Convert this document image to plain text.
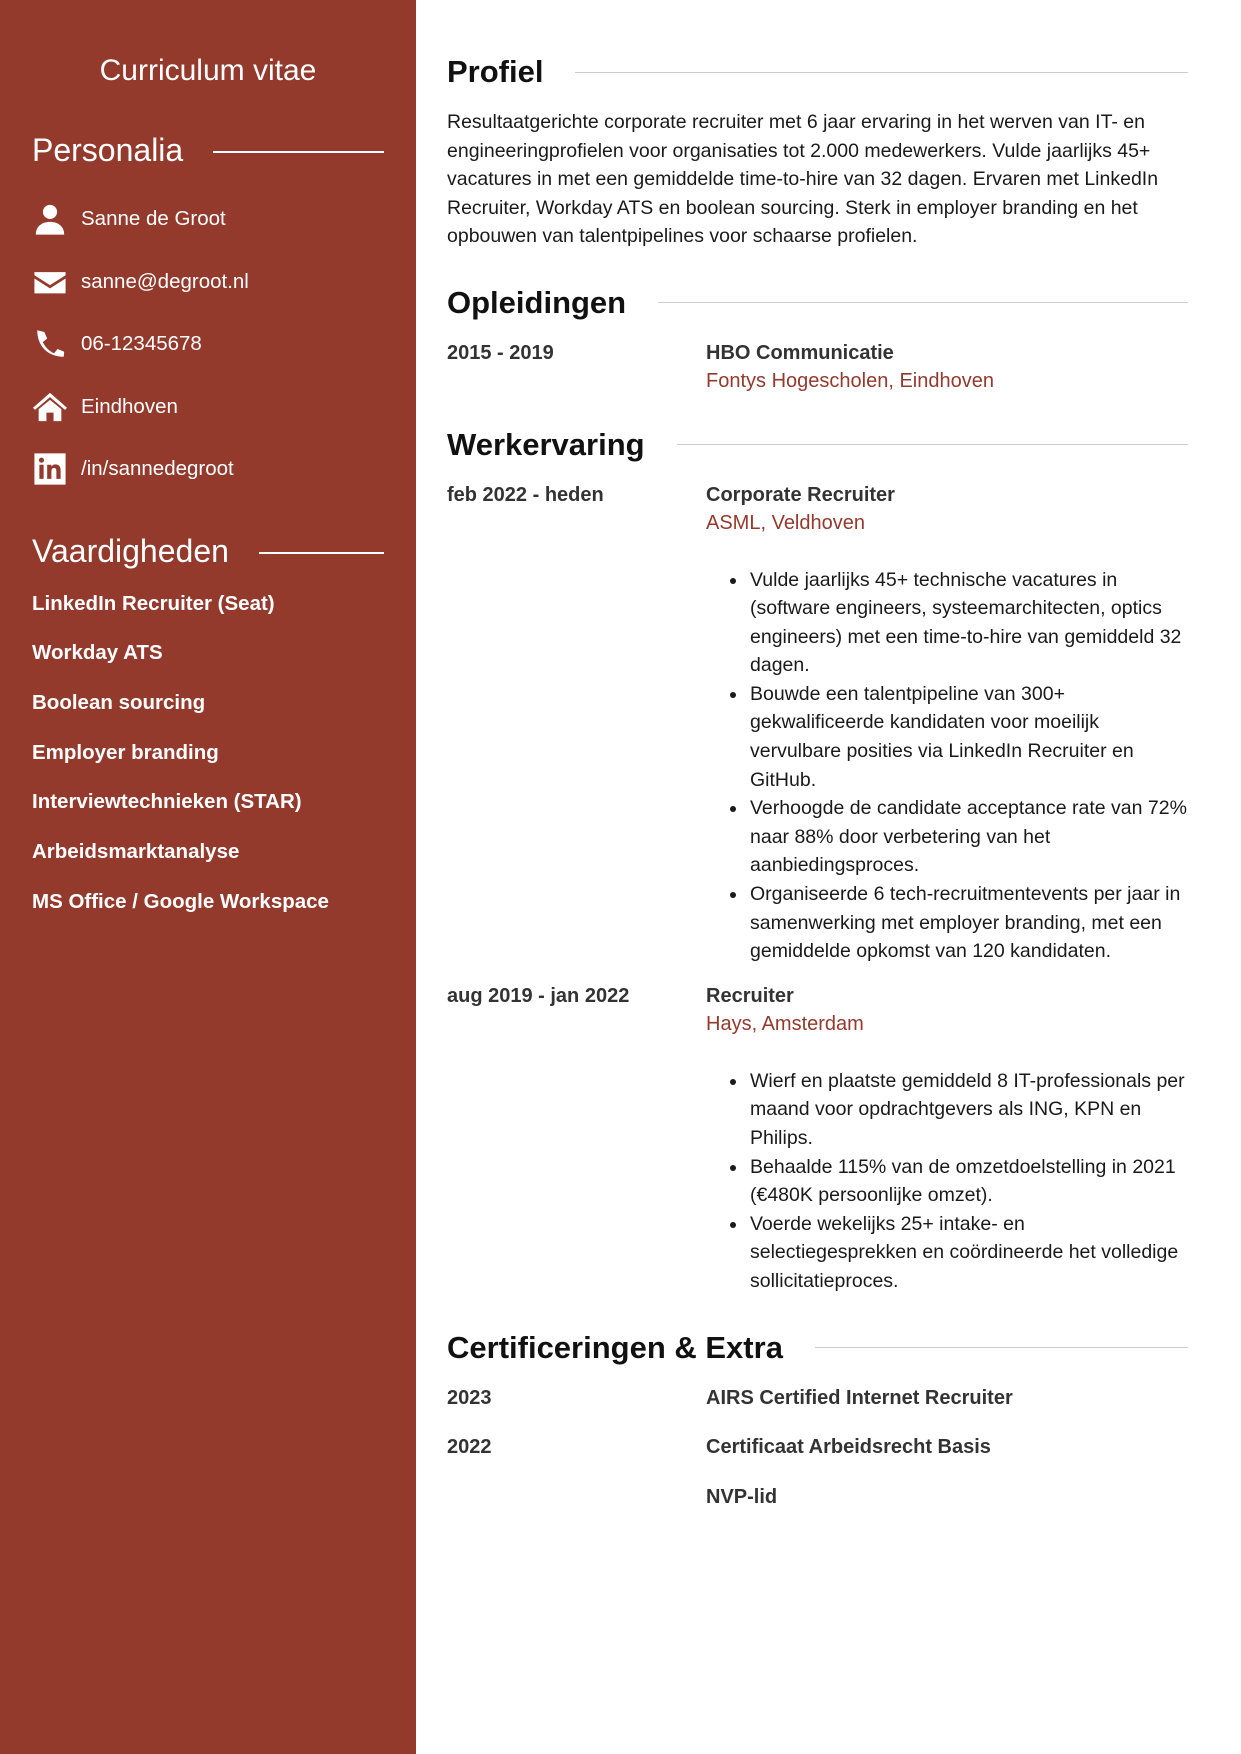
Curriculum vitae
Personalia
Sanne de Groot
sanne@degroot.nl
06-12345678
Eindhoven
/in/sannedegroot
Vaardigheden
LinkedIn Recruiter (Seat)
Workday ATS
Boolean sourcing
Employer branding
Interviewtechnieken (STAR)
Arbeidsmarktanalyse
MS Office / Google Workspace
Profiel

Resultaatgerichte corporate recruiter met 6 jaar ervaring in het werven van IT- en engineeringprofielen voor organisaties tot 2.000 medewerkers. Vulde jaarlijks 45+ vacatures in met een gemiddelde time-to-hire van 32 dagen. Ervaren met LinkedIn Recruiter, Workday ATS en boolean sourcing. Sterk in employer branding en het opbouwen van talentpipelines voor schaarse profielen.

Opleidingen
2015 - 2019	HBO Communicatie
Fontys Hogescholen, Eindhoven
Werkervaring
feb 2022 - heden	Corporate Recruiter
ASML, Veldhoven
• Vulde jaarlijks 45+ technische vacatures in (software engineers, systeemarchitecten, optics engineers) met een time-to-hire van gemiddeld 32 dagen.
• Bouwde een talentpipeline van 300+ gekwalificeerde kandidaten voor moeilijk vervulbare posities via LinkedIn Recruiter en GitHub.
• Verhoogde de candidate acceptance rate van 72% naar 88% door verbetering van het aanbiedingsproces.
• Organiseerde 6 tech-recruitmentevents per jaar in samenwerking met employer branding, met een gemiddelde opkomst van 120 kandidaten.
aug 2019 - jan 2022	Recruiter
Hays, Amsterdam
• Wierf en plaatste gemiddeld 8 IT-professionals per maand voor opdrachtgevers als ING, KPN en Philips.
• Behaalde 115% van de omzetdoelstelling in 2021 (€480K persoonlijke omzet).
• Voerde wekelijks 25+ intake- en selectiegesprekken en coördineerde het volledige sollicitatieproces.
Certificeringen & Extra
2023	AIRS Certified Internet Recruiter
2022	Certificaat Arbeidsrecht Basis
NVP-lid
